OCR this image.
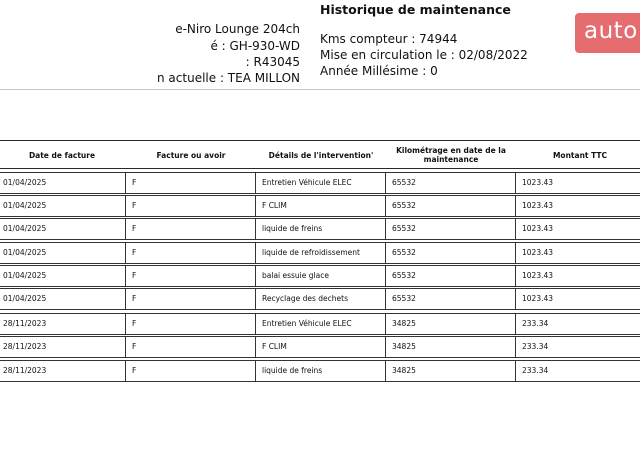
e-Niro Lounge 204ch
é : GH-930-WD
: R43045
n actuelle : TEA MILLON
Historique de maintenance
Kms compteur : 74944
Mise en circulation le : 02/08/2022
Année Millésime : 0
auto
Date de facture	Facture ou avoir	Détails de l'intervention'	Kilométrage en date de la maintenance	Montant TTC
01/04/2025	F	Entretien Véhicule ELEC	65532	1023.43
01/04/2025	F	F CLIM	65532	1023.43
01/04/2025	F	liquide de freins	65532	1023.43
01/04/2025	F	liquide de refroidissement	65532	1023.43
01/04/2025	F	balai essuie glace	65532	1023.43
01/04/2025	F	Recyclage des dechets	65532	1023.43
28/11/2023	F	Entretien Véhicule ELEC	34825	233.34
28/11/2023	F	F CLIM	34825	233.34
28/11/2023	F	liquide de freins	34825	233.34
